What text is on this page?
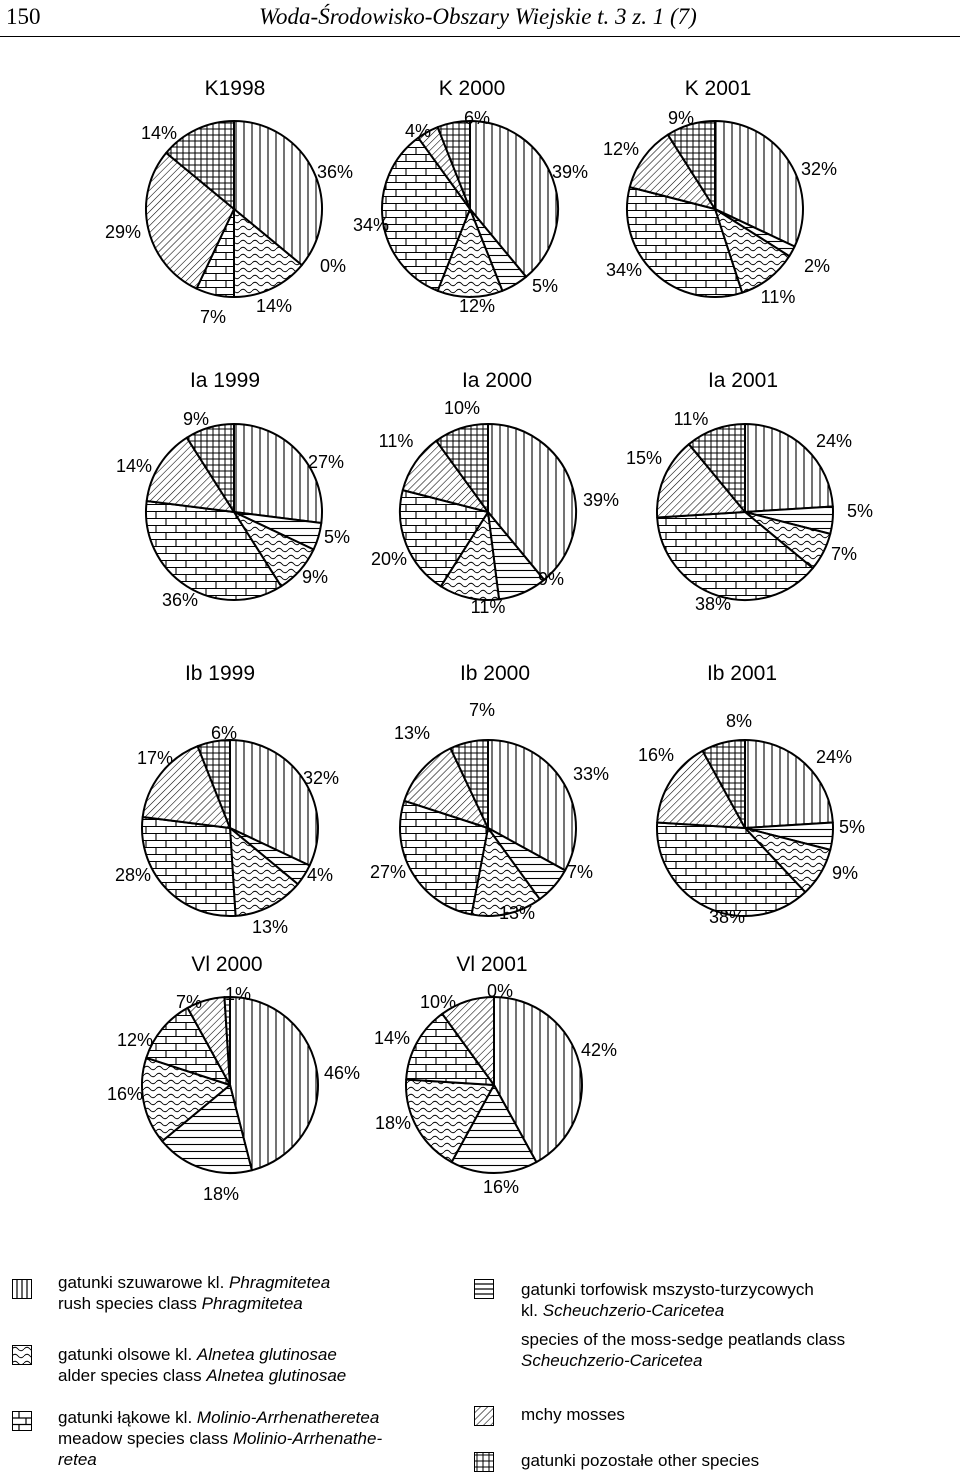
150	Woda-Środowisko-Obszary Wiejskie t. 3 z. 1 (7)
K1998
36%
0%
14%
7%
29%
14%
K 2000
39%
5%
12%
34%
4%
6%
K 2001
32%
2%
11%
34%
12%
9%
Ia 1999
27%
5%
9%
36%
14%
9%
Ia 2000
39%
9%
11%
20%
11%
10%
Ia 2001
24%
5%
7%
38%
15%
11%
Ib 1999
32%
4%
13%
28%
17%
6%
Ib 2000
33%
7%
13%
27%
13%
7%
Ib 2001
24%
5%
9%
38%
16%
8%
Vl 2000
46%
18%
16%
12%
7% 1%
Vl 2001
42%
16%
18%
14%
10%
0%
gatunki szuwarowe kl. Phragmitetea
rush species class Phragmitetea
gatunki olsowe kl. Alnetea glutinosae
alder species class Alnetea glutinosae
gatunki łąkowe kl. Molinio-Arrhenatheretea
meadow species class Molinio-Arrhenathe-
retea
gatunki torfowisk mszysto-turzycowych
kl. Scheuchzerio-Caricetea
species of the moss-sedge peatlands class
Scheuchzerio-Caricetea
mchy mosses
gatunki pozostałe other species
